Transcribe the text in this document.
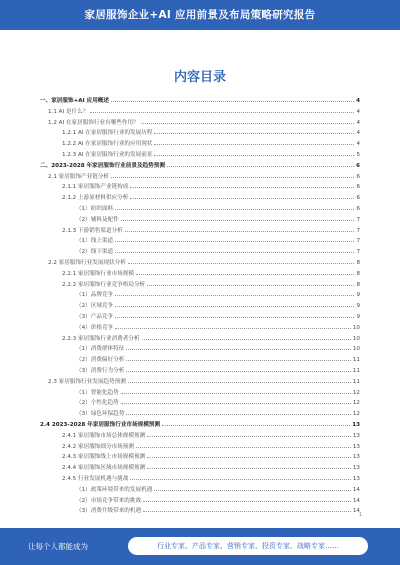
家居服饰企业+AI 应用前景及布局策略研究报告
内容目录
一、家居服饰+AI 应用概述	4
1.1 AI 是什么？	4
1.2 AI 在家居服饰行业有哪些作用？	4
1.2.1 AI 在家居服饰行业的发展历程	4
1.2.2 AI 在家居服饰行业的应用现状	4
1.2.3 AI 在家居服饰行业的发展前景	5
二、2023-2028 年家居服饰行业前景及趋势预测	6
2.1 家居服饰产业链分析	6
2.1.1 家居服饰产业链构成	6
2.1.2 上游原材料供应分析	6
（1）纺织面料	6
（2）辅料及配件	7
2.1.3 下游销售渠道分析	7
（1）线上渠道	7
（2）线下渠道	7
2.2 家居服饰行业发展现状分析	8
2.2.1 家居服饰行业市场规模	8
2.2.2 家居服饰行业竞争格局分析	8
（1）品牌竞争	9
（2）区域竞争	9
（3）产品竞争	9
（4）价格竞争	10
2.2.3 家居服饰行业消费者分析	10
（1）消费群体特征	10
（2）消费偏好分析	11
（3）消费行为分析	11
2.3 家居服饰行业发展趋势预测	11
（1）智能化趋势	12
（2）个性化趋势	12
（3）绿色环保趋势	12
2.4 2023-2028 年家居服饰行业市场规模预测	13
2.4.1 家居服饰市场总体规模预测	13
2.4.2 家居服饰细分市场预测	13
2.4.3 家居服饰线上市场规模预测	13
2.4.4 家居服饰区域市场规模预测	13
2.4.5 行业发展机遇与挑战	13
（1）政策环境带来的发展机遇	14
（2）市场竞争带来的挑战	14
（3）消费升级带来的机遇	14
1
让每个人都能成为	行业专家、产品专家、营销专家、投资专家、战略专家……
